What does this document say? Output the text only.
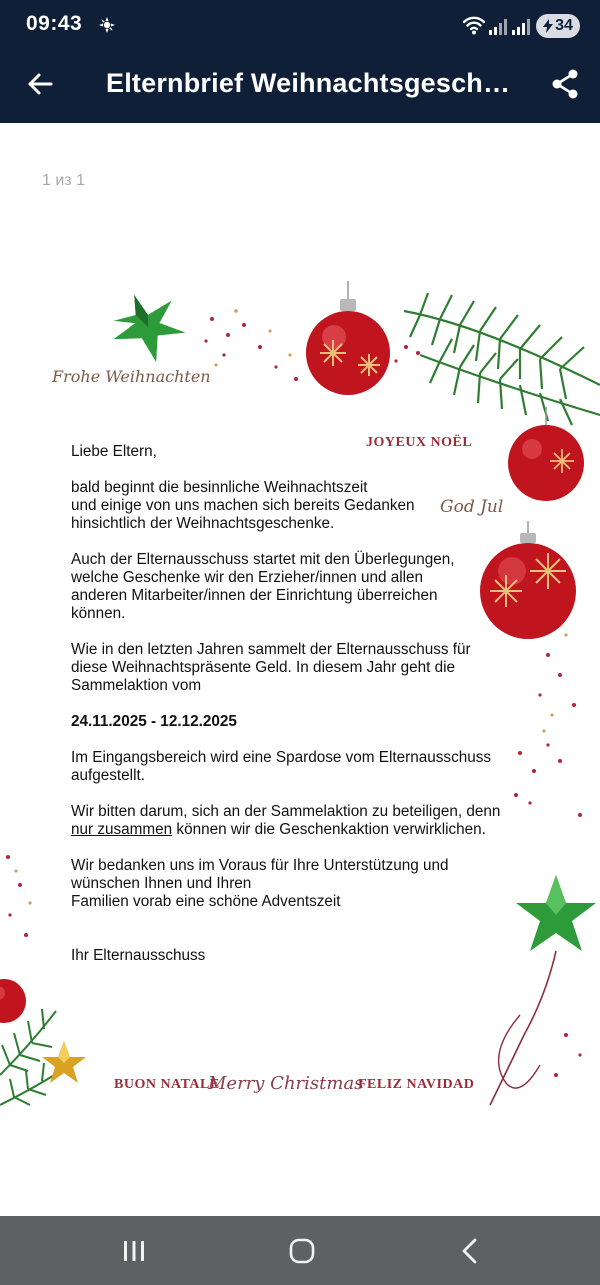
09:43	34
Elternbrief Weihnachtsgesch…
1 из 1
Frohe Weihnachten
JOYEUX NOËL
God Jul

Liebe Eltern,

bald beginnt die besinnliche Weihnachtszeit
und einige von uns machen sich bereits Gedanken
hinsichtlich der Weihnachtsgeschenke.

Auch der Elternausschuss startet mit den Überlegungen,
welche Geschenke wir den Erzieher/innen und allen
anderen Mitarbeiter/innen der Einrichtung überreichen
können.

Wie in den letzten Jahren sammelt der Elternausschuss für
diese Weihnachtspräsente Geld. In diesem Jahr geht die
Sammelaktion vom

24.11.2025 - 12.12.2025

Im Eingangsbereich wird eine Spardose vom Elternausschuss
aufgestellt.

Wir bitten darum, sich an der Sammelaktion zu beteiligen, denn
nur zusammen können wir die Geschenkaktion verwirklichen.

Wir bedanken uns im Voraus für Ihre Unterstützung und
wünschen Ihnen und Ihren
Familien vorab eine schöne Adventszeit

Ihr Elternausschuss

BUON NATALE
Merry Christmas
FELIZ NAVIDAD
